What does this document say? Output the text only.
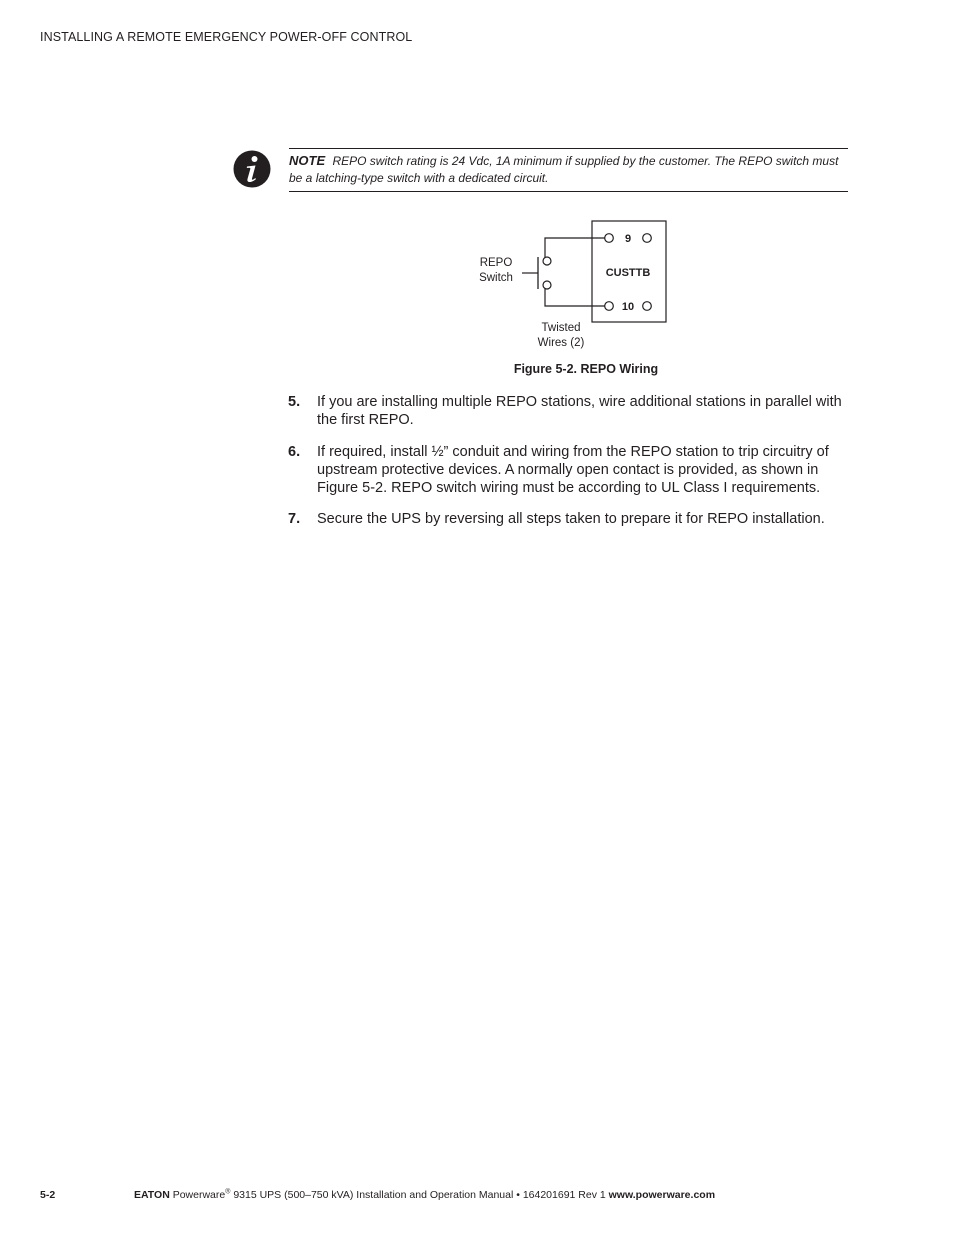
INSTALLING A REMOTE EMERGENCY POWER-OFF CONTROL
NOTE REPO switch rating is 24 Vdc, 1A minimum if supplied by the customer. The REPO switch must be a latching-type switch with a dedicated circuit.
9
CUSTTB
10
REPO
Switch
Twisted
Wires (2)
Figure 5-2. REPO Wiring
5. If you are installing multiple REPO stations, wire additional stations in parallel with the first REPO.
6. If required, install ½” conduit and wiring from the REPO station to trip circuitry of upstream protective devices. A normally open contact is provided, as shown in Figure 5-2. REPO switch wiring must be according to UL Class I requirements.
7. Secure the UPS by reversing all steps taken to prepare it for REPO installation.
5-2	EATON Powerware® 9315 UPS (500–750 kVA) Installation and Operation Manual • 164201691 Rev 1 www.powerware.com
